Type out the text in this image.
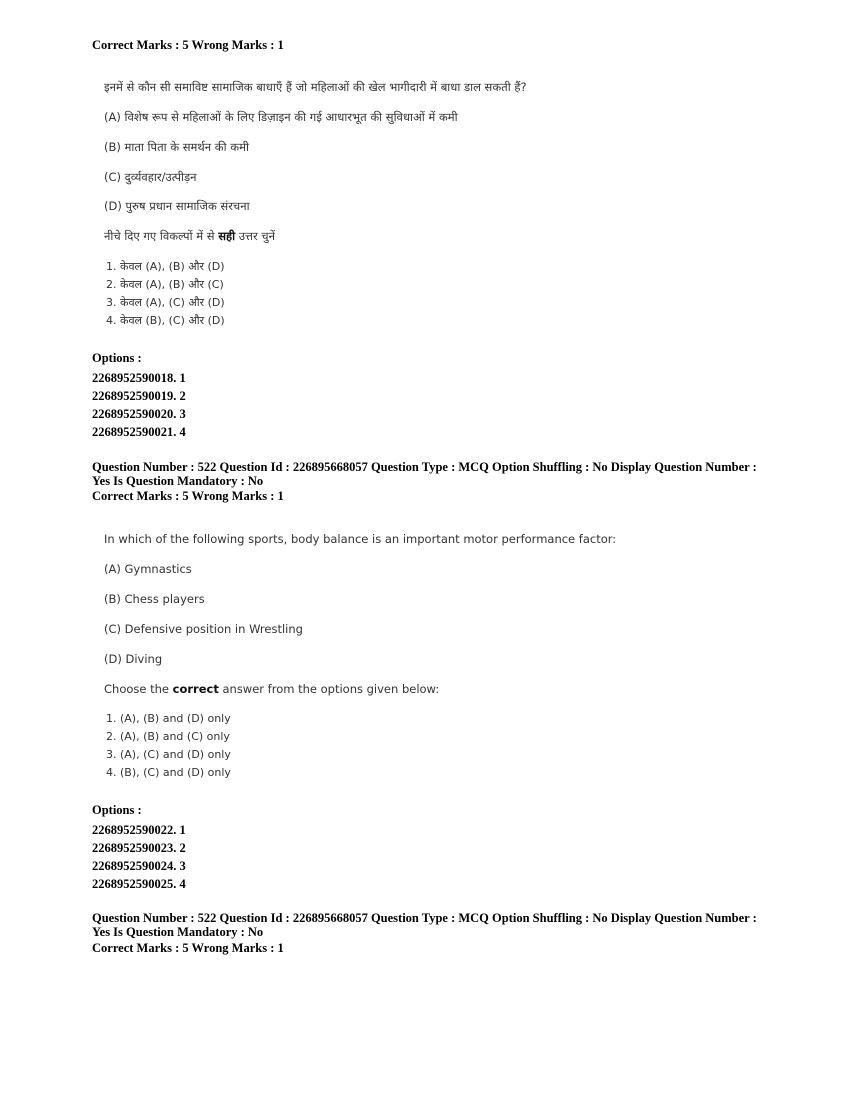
Correct Marks : 5 Wrong Marks : 1
इनमें से कौन सी समाविष्ट सामाजिक बाधाएँ हैं जो महिलाओं की खेल भागीदारी में बाधा डाल सकती हैं?
(A) विशेष रूप से महिलाओं के लिए डिज़ाइन की गई आधारभूत की सुविधाओं में कमी
(B) माता पिता के समर्थन की कमी
(C) दुर्व्यवहार/उत्पीड़न
(D) पुरुष प्रधान सामाजिक संरचना
नीचे दिए गए विकल्पों में से सही उत्तर चुनें
1. केवल (A), (B) और (D)
2. केवल (A), (B) और (C)
3. केवल (A), (C) और (D)
4. केवल (B), (C) और (D)
Options :
2268952590018. 1
2268952590019. 2
2268952590020. 3
2268952590021. 4
Question Number : 522 Question Id : 226895668057 Question Type : MCQ Option Shuffling : No Display Question Number : Yes Is Question Mandatory : No
Correct Marks : 5 Wrong Marks : 1
In which of the following sports, body balance is an important motor performance factor:
(A) Gymnastics
(B) Chess players
(C) Defensive position in Wrestling
(D) Diving
Choose the correct answer from the options given below:
1. (A), (B) and (D) only
2. (A), (B) and (C) only
3. (A), (C) and (D) only
4. (B), (C) and (D) only
Options :
2268952590022. 1
2268952590023. 2
2268952590024. 3
2268952590025. 4
Question Number : 522 Question Id : 226895668057 Question Type : MCQ Option Shuffling : No Display Question Number : Yes Is Question Mandatory : No
Correct Marks : 5 Wrong Marks : 1
